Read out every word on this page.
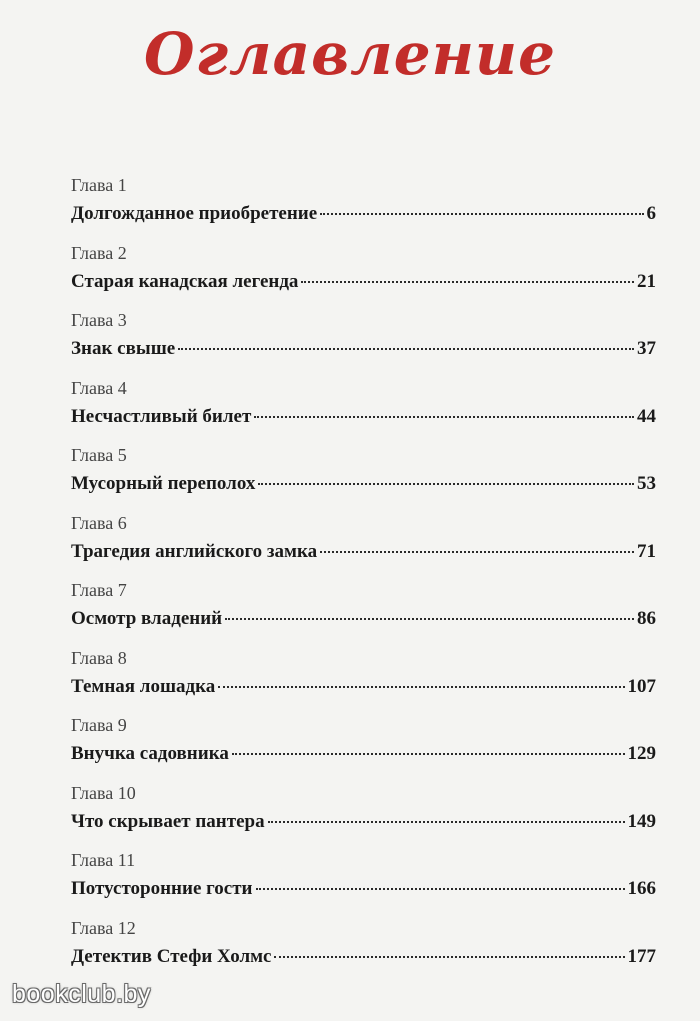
Оглавление
Глава 1
Долгожданное приобретение	6
Глава 2
Старая канадская легенда	21
Глава 3
Знак свыше	37
Глава 4
Несчастливый билет	44
Глава 5
Мусорный переполох	53
Глава 6
Трагедия английского замка	71
Глава 7
Осмотр владений	86
Глава 8
Темная лошадка	107
Глава 9
Внучка садовника	129
Глава 10
Что скрывает пантера	149
Глава 11
Потусторонние гости	166
Глава 12
Детектив Стефи Холмс	177
bookclub.by
